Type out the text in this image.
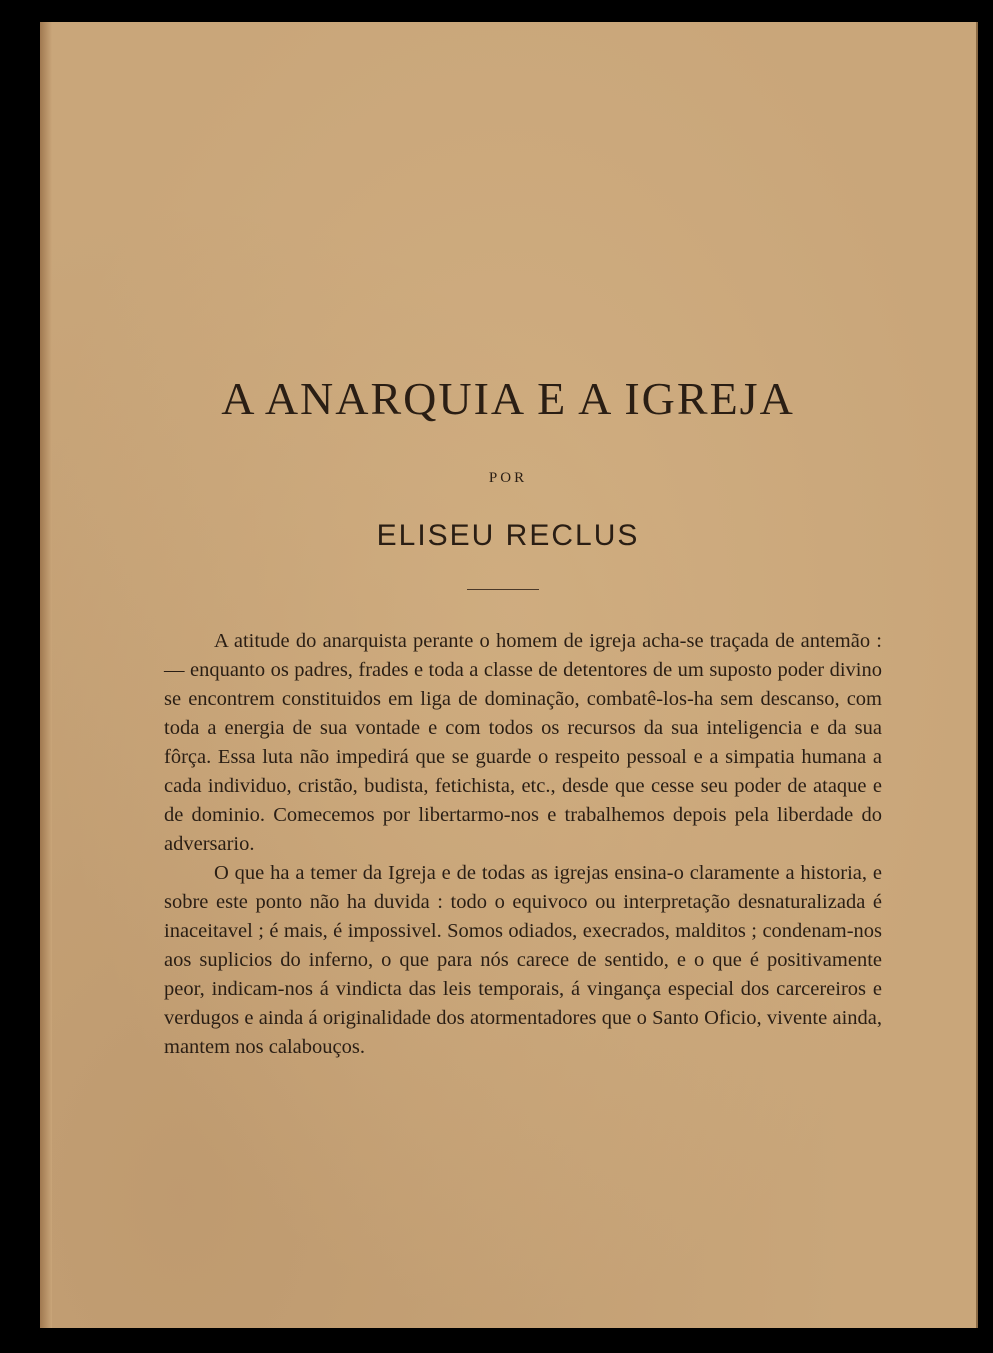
A ANARQUIA E A IGREJA
POR
ELISEU RECLUS

A atitude do anarquista perante o homem de igreja acha-se traçada de antemão : — enquanto os padres, frades e toda a classe de detentores de um suposto poder divino se encontrem constituidos em liga de dominação, combatê-los-ha sem descanso, com toda a energia de sua vontade e com todos os recursos da sua inteligencia e da sua fôrça. Essa luta não impedirá que se guarde o respeito pessoal e a simpatia humana a cada individuo, cristão, budista, fetichista, etc., desde que cesse seu poder de ataque e de dominio. Comecemos por libertarmo-nos e trabalhemos depois pela liberdade do adversario.

O que ha a temer da Igreja e de todas as igrejas ensina-o claramente a historia, e sobre este ponto não ha duvida : todo o equivoco ou interpretação desnaturalizada é inaceitavel ; é mais, é impossivel. Somos odiados, execrados, malditos ; condenam-nos aos suplicios do inferno, o que para nós carece de sentido, e o que é positivamente peor, indicam-nos á vindicta das leis temporais, á vingança especial dos carcereiros e verdugos e ainda á originalidade dos atormentadores que o Santo Oficio, vivente ainda, mantem nos calabouços.
